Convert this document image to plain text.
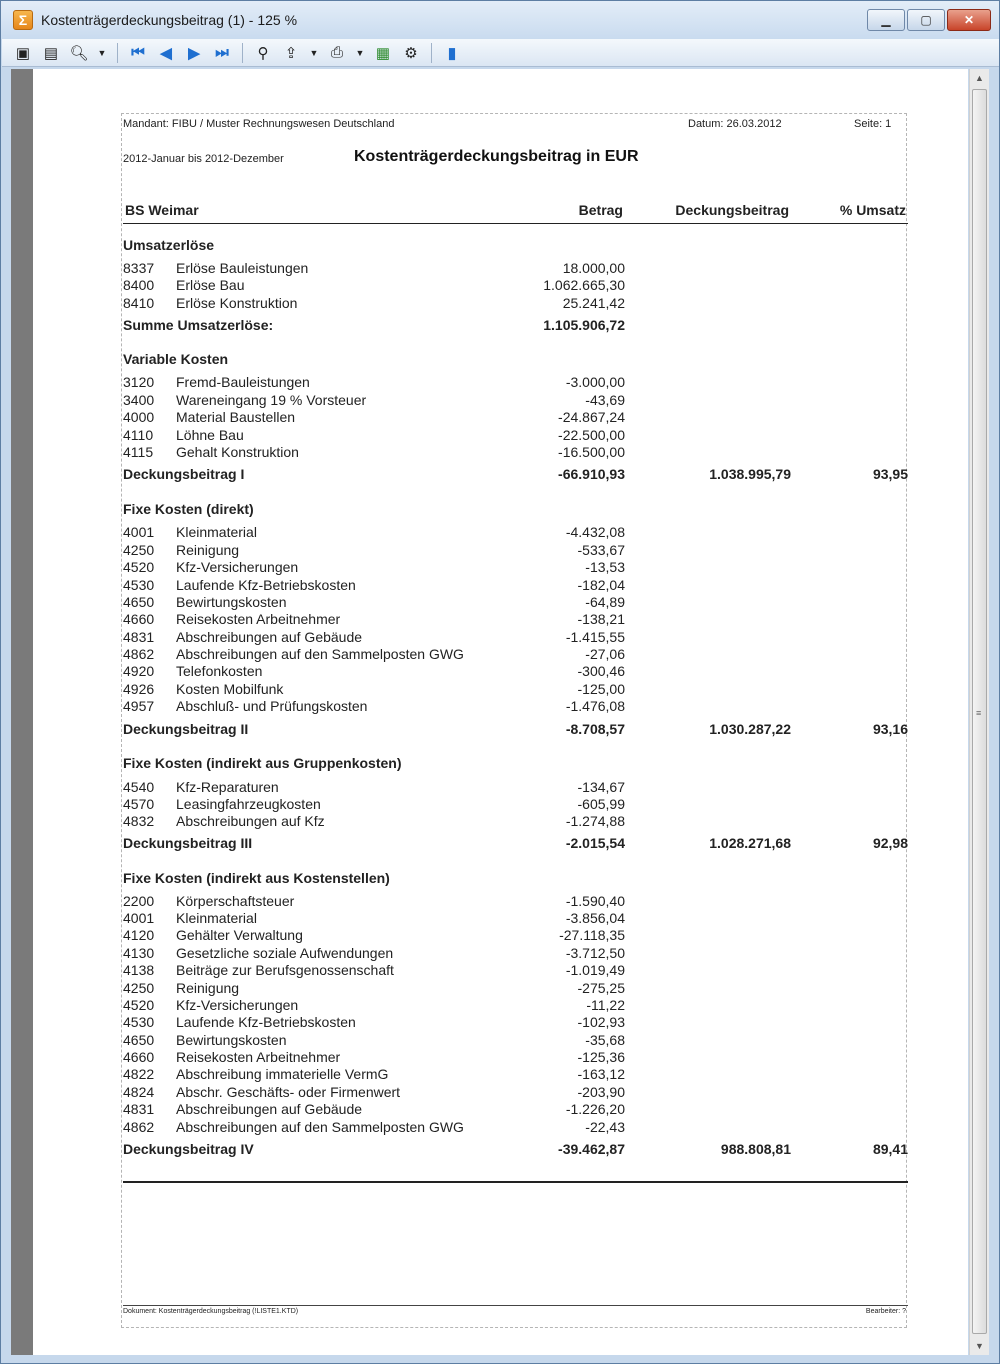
Σ Kostenträgerdeckungsbeitrag (1) - 125 %	▁	▢	✕
▣ ▤ 🔍︎ ▼ ⏮	◀	▶	⏭	⚲	⇪	▼ ⎙	▼ ▦ ⚙	▮
Mandant: FIBU / Muster Rechnungswesen Deutschland	Datum: 26.03.2012	Seite: 1
2012-Januar bis 2012-Dezember	Kostenträgerdeckungsbeitrag in EUR
BS Weimar	Betrag	Deckungsbeitrag	% Umsatz
Umsatzerlöse
8337 Erlöse Bauleistungen	18.000,00
8400 Erlöse Bau	1.062.665,30
8410 Erlöse Konstruktion	25.241,42
Summe Umsatzerlöse:	1.105.906,72
Variable Kosten
3120 Fremd-Bauleistungen	-3.000,00
3400 Wareneingang 19 % Vorsteuer	-43,69
4000 Material Baustellen	-24.867,24
4110 Löhne Bau	-22.500,00
4115 Gehalt Konstruktion	-16.500,00
Deckungsbeitrag I	-66.910,93	1.038.995,79	93,95
Fixe Kosten (direkt)
4001 Kleinmaterial	-4.432,08
4250 Reinigung	-533,67
4520 Kfz-Versicherungen	-13,53
4530 Laufende Kfz-Betriebskosten	-182,04
4650 Bewirtungskosten	-64,89
4660 Reisekosten Arbeitnehmer	-138,21
4831 Abschreibungen auf Gebäude	-1.415,55
4862 Abschreibungen auf den Sammelposten GWG	-27,06
4920 Telefonkosten	-300,46
4926 Kosten Mobilfunk	-125,00
4957 Abschluß- und Prüfungskosten	-1.476,08
Deckungsbeitrag II	-8.708,57	1.030.287,22	93,16
Fixe Kosten (indirekt aus Gruppenkosten)
4540 Kfz-Reparaturen	-134,67
4570 Leasingfahrzeugkosten	-605,99
4832 Abschreibungen auf Kfz	-1.274,88
Deckungsbeitrag III	-2.015,54	1.028.271,68	92,98
Fixe Kosten (indirekt aus Kostenstellen)
2200 Körperschaftsteuer	-1.590,40
4001 Kleinmaterial	-3.856,04
4120 Gehälter Verwaltung	-27.118,35
4130 Gesetzliche soziale Aufwendungen	-3.712,50
4138 Beiträge zur Berufsgenossenschaft	-1.019,49
4250 Reinigung	-275,25
4520 Kfz-Versicherungen	-11,22
4530 Laufende Kfz-Betriebskosten	-102,93
4650 Bewirtungskosten	-35,68
4660 Reisekosten Arbeitnehmer	-125,36
4822 Abschreibung immaterielle VermG	-163,12
4824 Abschr. Geschäfts- oder Firmenwert	-203,90
4831 Abschreibungen auf Gebäude	-1.226,20
4862 Abschreibungen auf den Sammelposten GWG	-22,43
Deckungsbeitrag IV	-39.462,87	988.808,81	89,41
Dokument: Kostenträgerdeckungsbeitrag (!LISTE1.KTD)	Bearbeiter: ?
▲
≡
▼
